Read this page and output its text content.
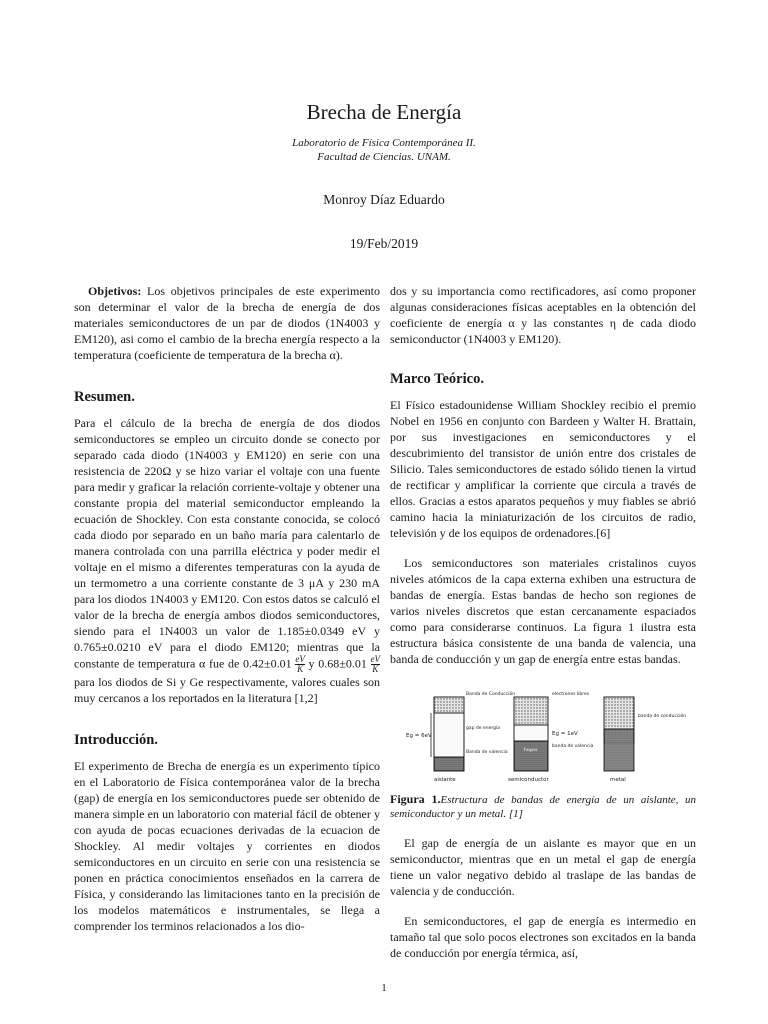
Brecha de Energía
Laboratorio de Física Contemporánea II.
Facultad de Ciencias. UNAM.
Monroy Díaz Eduardo
19/Feb/2019

Objetivos: Los objetivos principales de este experimento son determinar el valor de la brecha de energía de dos materiales semiconductores de un par de diodos (1N4003 y EM120), asi como el cambio de la brecha energía respecto a la temperatura (coeficiente de temperatura de la brecha α).

Resumen.

Para el cálculo de la brecha de energía de dos diodos semiconductores se empleo un circuito donde se conecto por separado cada diodo (1N4003 y EM120) en serie con una resistencia de 220Ω y se hizo variar el voltaje con una fuente para medir y graficar la relación corriente-voltaje y obtener una constante propia del material semiconductor empleando la ecuación de Shockley. Con esta constante conocida, se colocó cada diodo por separado en un baño maría para calentarlo de manera controlada con una parrilla eléctrica y poder medir el voltaje en el mismo a diferentes temperaturas con la ayuda de un termometro a una corriente constante de 3 μA y 230 mA para los diodos 1N4003 y EM120. Con estos datos se calculó el valor de la brecha de energía ambos diodos semiconductores, siendo para el 1N4003 un valor de 1.185±0.0349 eV y 0.765±0.0210 eV para el diodo EM120; mientras que la constante de temperatura α fue de $0.42\pm 0.01 \frac{eV}{K}$ y $0.68\pm 0.01 \frac{eV}{K}$
para los diodos de Si y Ge respectivamente, valores cuales son muy cercanos a los reportados en la literatura [1,2]

Introducción.

El experimento de Brecha de energía es un experimento típico en el Laboratorio de Física contemporánea valor de la brecha (gap) de energía en los semiconductores puede ser obtenido de manera simple en un laboratorio con material fácil de obtener y con ayuda de pocas ecuaciones derivadas de la ecuacion de Shockley. Al medir voltajes y corrientes en diodos semiconductores en un circuito en serie con una resistencia se ponen en práctica conocimientos enseñados en la carrera de Física, y considerando las limitaciones tanto en la precisión de los modelos matemáticos e instrumentales, se llega a comprender los terminos relacionados a los dio-

dos y su importancia como rectificadores, así como proponer algunas consideraciones físicas aceptables en la obtención del coeficiente de energía α y las constantes η de cada diodo semiconductor (1N4003 y EM120).

Marco Teórico.

El Físico estadounidense William Shockley recibio el premio Nobel en 1956 en conjunto con Bardeen y Walter H. Brattain, por sus investigaciones en semiconductores y el descubrimiento del transistor de unión entre dos cristales de Silicio. Tales semiconductores de estado sólido tienen la virtud de rectificar y amplificar la corriente que circula a través de ellos. Gracias a estos aparatos pequeños y muy fiables se abrió camino hacia la miniaturización de los circuitos de radio, televisión y de los equipos de ordenadores.[6]

Los semiconductores son materiales cristalinos cuyos niveles atómicos de la capa externa exhiben una estructura de bandas de energía. Estas bandas de hecho son regiones de varios niveles discretos que estan cercanamente espaciados como para considerarse continuos. La figura 1 ilustra esta estructura básica consistente de una banda de valencia, una banda de conducción y un gap de energía entre estas bandas.

Eg = 6eV
Banda de Conducción
gap de energía
Banda de valencia
aislante
electrones libres
Eg = 1eV
banda de valencia
hoyos
semiconductor
banda de conducción
metal

Figura 1.Estructura de bandas de energía de un aislante, un semiconductor y un metal. [1]

El gap de energía de un aislante es mayor que en un semiconductor, mientras que en un metal el gap de energía tiene un valor negativo debido al traslape de las bandas de valencia y de conducción.

En semiconductores, el gap de energía es intermedio en tamaño tal que solo pocos electrones son excitados en la banda de conducción por energía térmica, así,

1
